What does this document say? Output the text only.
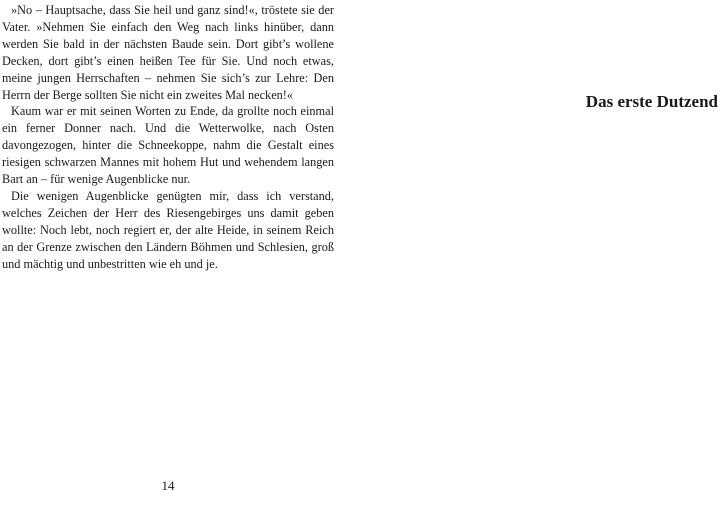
»No – Hauptsache, dass Sie heil und ganz sind!«, tröstete sie der Vater. »Nehmen Sie einfach den Weg nach links hinüber, dann werden Sie bald in der nächsten Baude sein. Dort gibt’s wollene Decken, dort gibt’s einen heißen Tee für Sie. Und noch etwas, meine jungen Herrschaften – nehmen Sie sich’s zur Lehre: Den Herrn der Berge sollten Sie nicht ein zweites Mal necken!«

Kaum war er mit seinen Worten zu Ende, da grollte noch einmal ein ferner Donner nach. Und die Wetterwolke, nach Osten davongezogen, hinter die Schneekoppe, nahm die Gestalt eines riesigen schwarzen Mannes mit hohem Hut und wehendem langen Bart an – für wenige Augenblicke nur.

Die wenigen Augenblicke genügten mir, dass ich verstand, welches Zeichen der Herr des Riesengebirges uns damit geben wollte: Noch lebt, noch regiert er, der alte Heide, in seinem Reich an der Grenze zwischen den Ländern Böhmen und Schlesien, groß und mächtig und unbestritten wie eh und je.

14
Das erste Dutzend
